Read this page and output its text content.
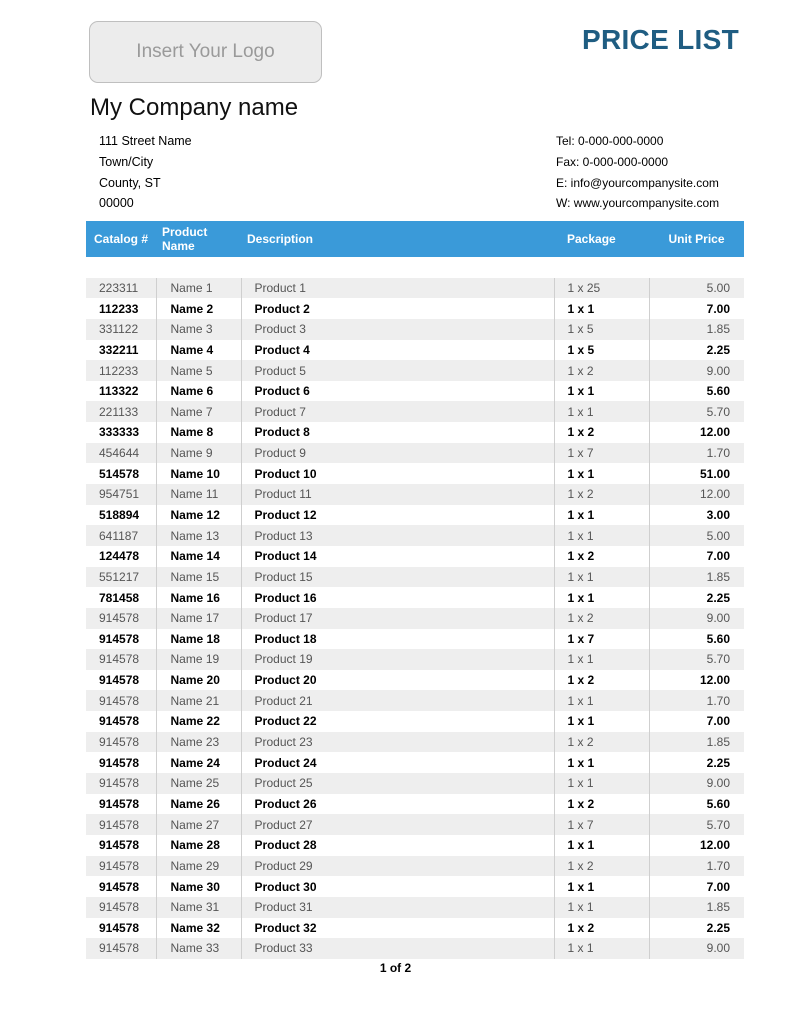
Insert Your Logo	PRICE LIST
My Company name
111 Street Name
Town/City
County, ST
00000
Tel: 0-000-000-0000
Fax: 0-000-000-0000
E: info@yourcompanysite.com
W: www.yourcompanysite.com
Catalog #	Product Name	Description	Package	Unit Price

223311	Name 1	Product 1	1 x 25	5.00
112233	Name 2	Product 2	1 x 1	7.00
331122	Name 3	Product 3	1 x 5	1.85
332211	Name 4	Product 4	1 x 5	2.25
112233	Name 5	Product 5	1 x 2	9.00
113322	Name 6	Product 6	1 x 1	5.60
221133	Name 7	Product 7	1 x 1	5.70
333333	Name 8	Product 8	1 x 2	12.00
454644	Name 9	Product 9	1 x 7	1.70
514578	Name 10	Product 10	1 x 1	51.00
954751	Name 11	Product 11	1 x 2	12.00
518894	Name 12	Product 12	1 x 1	3.00
641187	Name 13	Product 13	1 x 1	5.00
124478	Name 14	Product 14	1 x 2	7.00
551217	Name 15	Product 15	1 x 1	1.85
781458	Name 16	Product 16	1 x 1	2.25
914578	Name 17	Product 17	1 x 2	9.00
914578	Name 18	Product 18	1 x 7	5.60
914578	Name 19	Product 19	1 x 1	5.70
914578	Name 20	Product 20	1 x 2	12.00
914578	Name 21	Product 21	1 x 1	1.70
914578	Name 22	Product 22	1 x 1	7.00
914578	Name 23	Product 23	1 x 2	1.85
914578	Name 24	Product 24	1 x 1	2.25
914578	Name 25	Product 25	1 x 1	9.00
914578	Name 26	Product 26	1 x 2	5.60
914578	Name 27	Product 27	1 x 7	5.70
914578	Name 28	Product 28	1 x 1	12.00
914578	Name 29	Product 29	1 x 2	1.70
914578	Name 30	Product 30	1 x 1	7.00
914578	Name 31	Product 31	1 x 1	1.85
914578	Name 32	Product 32	1 x 2	2.25
914578	Name 33	Product 33	1 x 1	9.00
1 of 2
